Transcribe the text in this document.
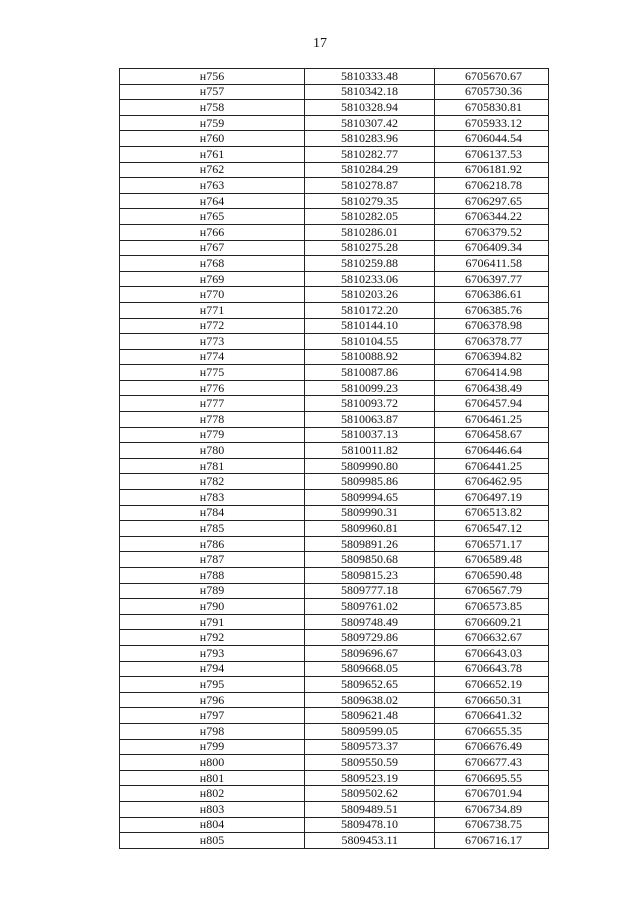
17
н756	5810333.48	6705670.67
н757	5810342.18	6705730.36
н758	5810328.94	6705830.81
н759	5810307.42	6705933.12
н760	5810283.96	6706044.54
н761	5810282.77	6706137.53
н762	5810284.29	6706181.92
н763	5810278.87	6706218.78
н764	5810279.35	6706297.65
н765	5810282.05	6706344.22
н766	5810286.01	6706379.52
н767	5810275.28	6706409.34
н768	5810259.88	6706411.58
н769	5810233.06	6706397.77
н770	5810203.26	6706386.61
н771	5810172.20	6706385.76
н772	5810144.10	6706378.98
н773	5810104.55	6706378.77
н774	5810088.92	6706394.82
н775	5810087.86	6706414.98
н776	5810099.23	6706438.49
н777	5810093.72	6706457.94
н778	5810063.87	6706461.25
н779	5810037.13	6706458.67
н780	5810011.82	6706446.64
н781	5809990.80	6706441.25
н782	5809985.86	6706462.95
н783	5809994.65	6706497.19
н784	5809990.31	6706513.82
н785	5809960.81	6706547.12
н786	5809891.26	6706571.17
н787	5809850.68	6706589.48
н788	5809815.23	6706590.48
н789	5809777.18	6706567.79
н790	5809761.02	6706573.85
н791	5809748.49	6706609.21
н792	5809729.86	6706632.67
н793	5809696.67	6706643.03
н794	5809668.05	6706643.78
н795	5809652.65	6706652.19
н796	5809638.02	6706650.31
н797	5809621.48	6706641.32
н798	5809599.05	6706655.35
н799	5809573.37	6706676.49
н800	5809550.59	6706677.43
н801	5809523.19	6706695.55
н802	5809502.62	6706701.94
н803	5809489.51	6706734.89
н804	5809478.10	6706738.75
н805	5809453.11	6706716.17
